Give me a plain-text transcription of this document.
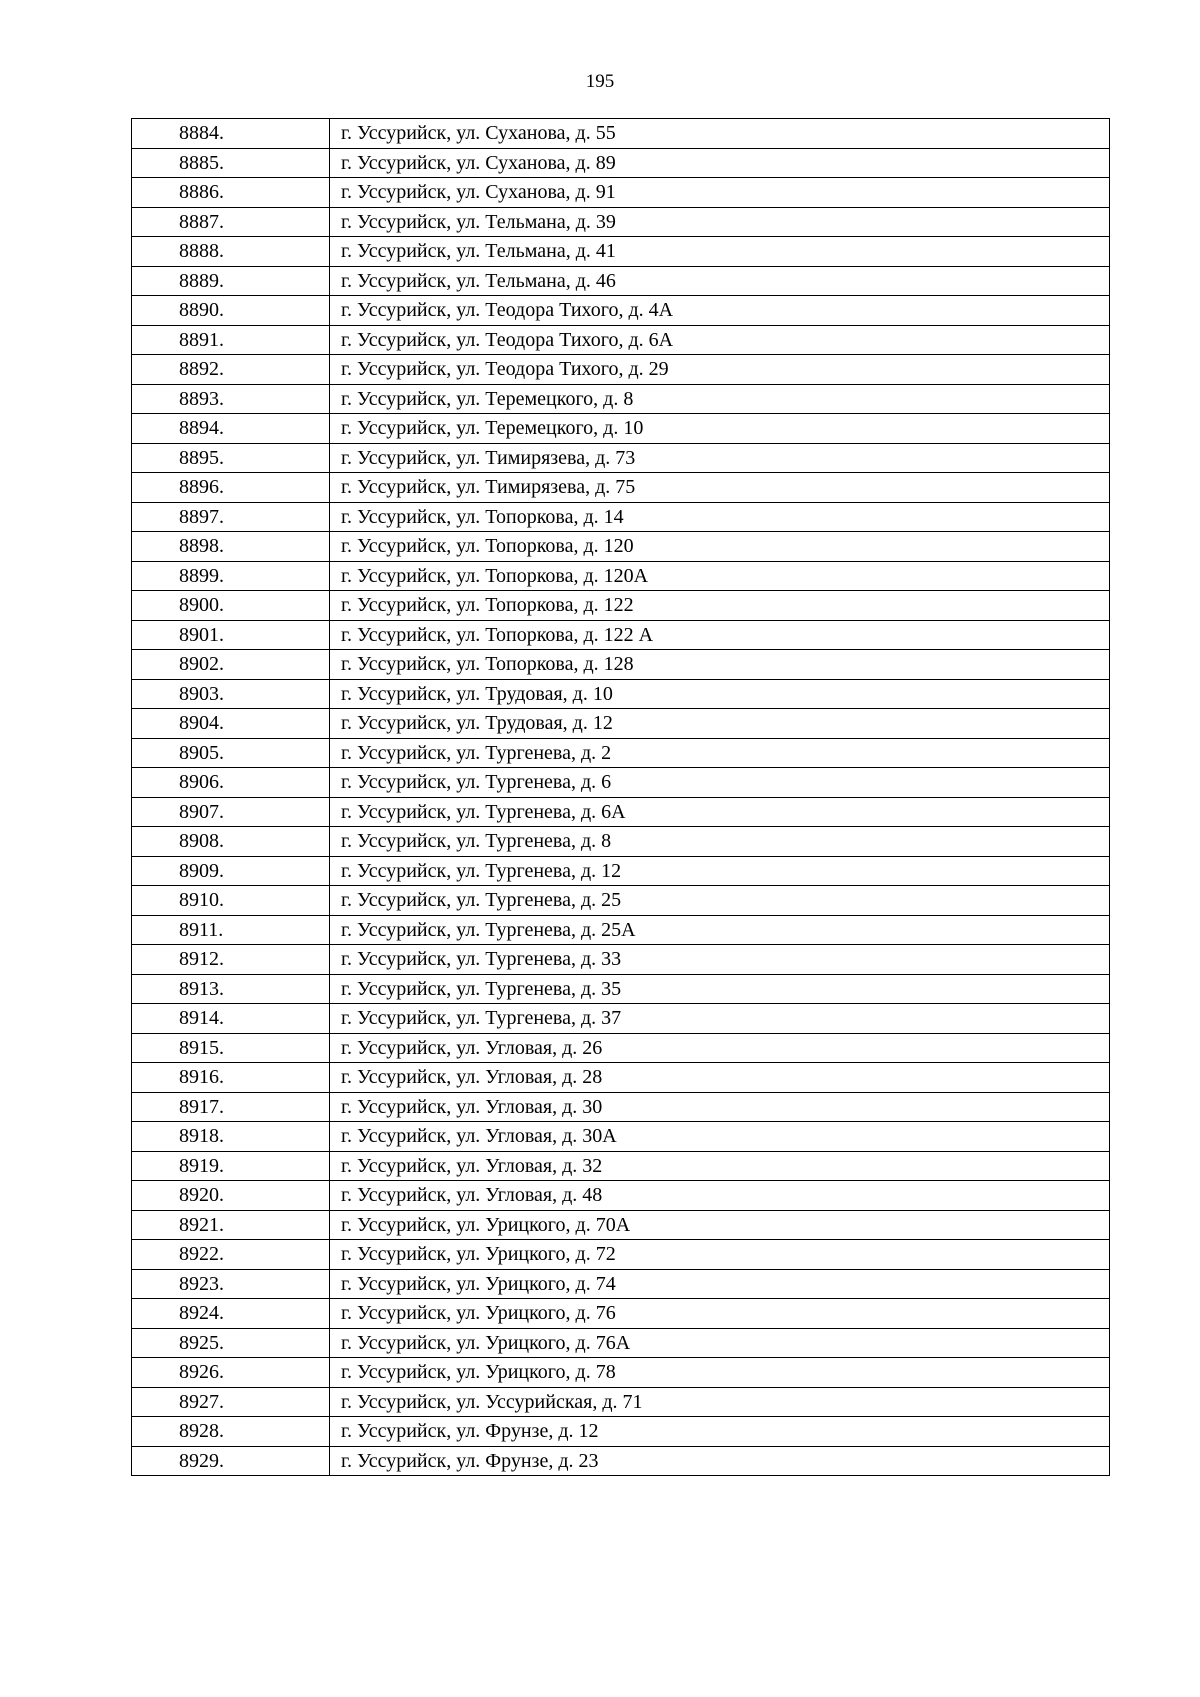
195
8884.	г. Уссурийск, ул. Суханова, д. 55
8885.	г. Уссурийск, ул. Суханова, д. 89
8886.	г. Уссурийск, ул. Суханова, д. 91
8887.	г. Уссурийск, ул. Тельмана, д. 39
8888.	г. Уссурийск, ул. Тельмана, д. 41
8889.	г. Уссурийск, ул. Тельмана, д. 46
8890.	г. Уссурийск, ул. Теодора Тихого, д. 4А
8891.	г. Уссурийск, ул. Теодора Тихого, д. 6А
8892.	г. Уссурийск, ул. Теодора Тихого, д. 29
8893.	г. Уссурийск, ул. Теремецкого, д. 8
8894.	г. Уссурийск, ул. Теремецкого, д. 10
8895.	г. Уссурийск, ул. Тимирязева, д. 73
8896.	г. Уссурийск, ул. Тимирязева, д. 75
8897.	г. Уссурийск, ул. Топоркова, д. 14
8898.	г. Уссурийск, ул. Топоркова, д. 120
8899.	г. Уссурийск, ул. Топоркова, д. 120А
8900.	г. Уссурийск, ул. Топоркова, д. 122
8901.	г. Уссурийск, ул. Топоркова, д. 122 А
8902.	г. Уссурийск, ул. Топоркова, д. 128
8903.	г. Уссурийск, ул. Трудовая, д. 10
8904.	г. Уссурийск, ул. Трудовая, д. 12
8905.	г. Уссурийск, ул. Тургенева, д. 2
8906.	г. Уссурийск, ул. Тургенева, д. 6
8907.	г. Уссурийск, ул. Тургенева, д. 6А
8908.	г. Уссурийск, ул. Тургенева, д. 8
8909.	г. Уссурийск, ул. Тургенева, д. 12
8910.	г. Уссурийск, ул. Тургенева, д. 25
8911.	г. Уссурийск, ул. Тургенева, д. 25А
8912.	г. Уссурийск, ул. Тургенева, д. 33
8913.	г. Уссурийск, ул. Тургенева, д. 35
8914.	г. Уссурийск, ул. Тургенева, д. 37
8915.	г. Уссурийск, ул. Угловая, д. 26
8916.	г. Уссурийск, ул. Угловая, д. 28
8917.	г. Уссурийск, ул. Угловая, д. 30
8918.	г. Уссурийск, ул. Угловая, д. 30А
8919.	г. Уссурийск, ул. Угловая, д. 32
8920.	г. Уссурийск, ул. Угловая, д. 48
8921.	г. Уссурийск, ул. Урицкого, д. 70А
8922.	г. Уссурийск, ул. Урицкого, д. 72
8923.	г. Уссурийск, ул. Урицкого, д. 74
8924.	г. Уссурийск, ул. Урицкого, д. 76
8925.	г. Уссурийск, ул. Урицкого, д. 76А
8926.	г. Уссурийск, ул. Урицкого, д. 78
8927.	г. Уссурийск, ул. Уссурийская, д. 71
8928.	г. Уссурийск, ул. Фрунзе, д. 12
8929.	г. Уссурийск, ул. Фрунзе, д. 23
